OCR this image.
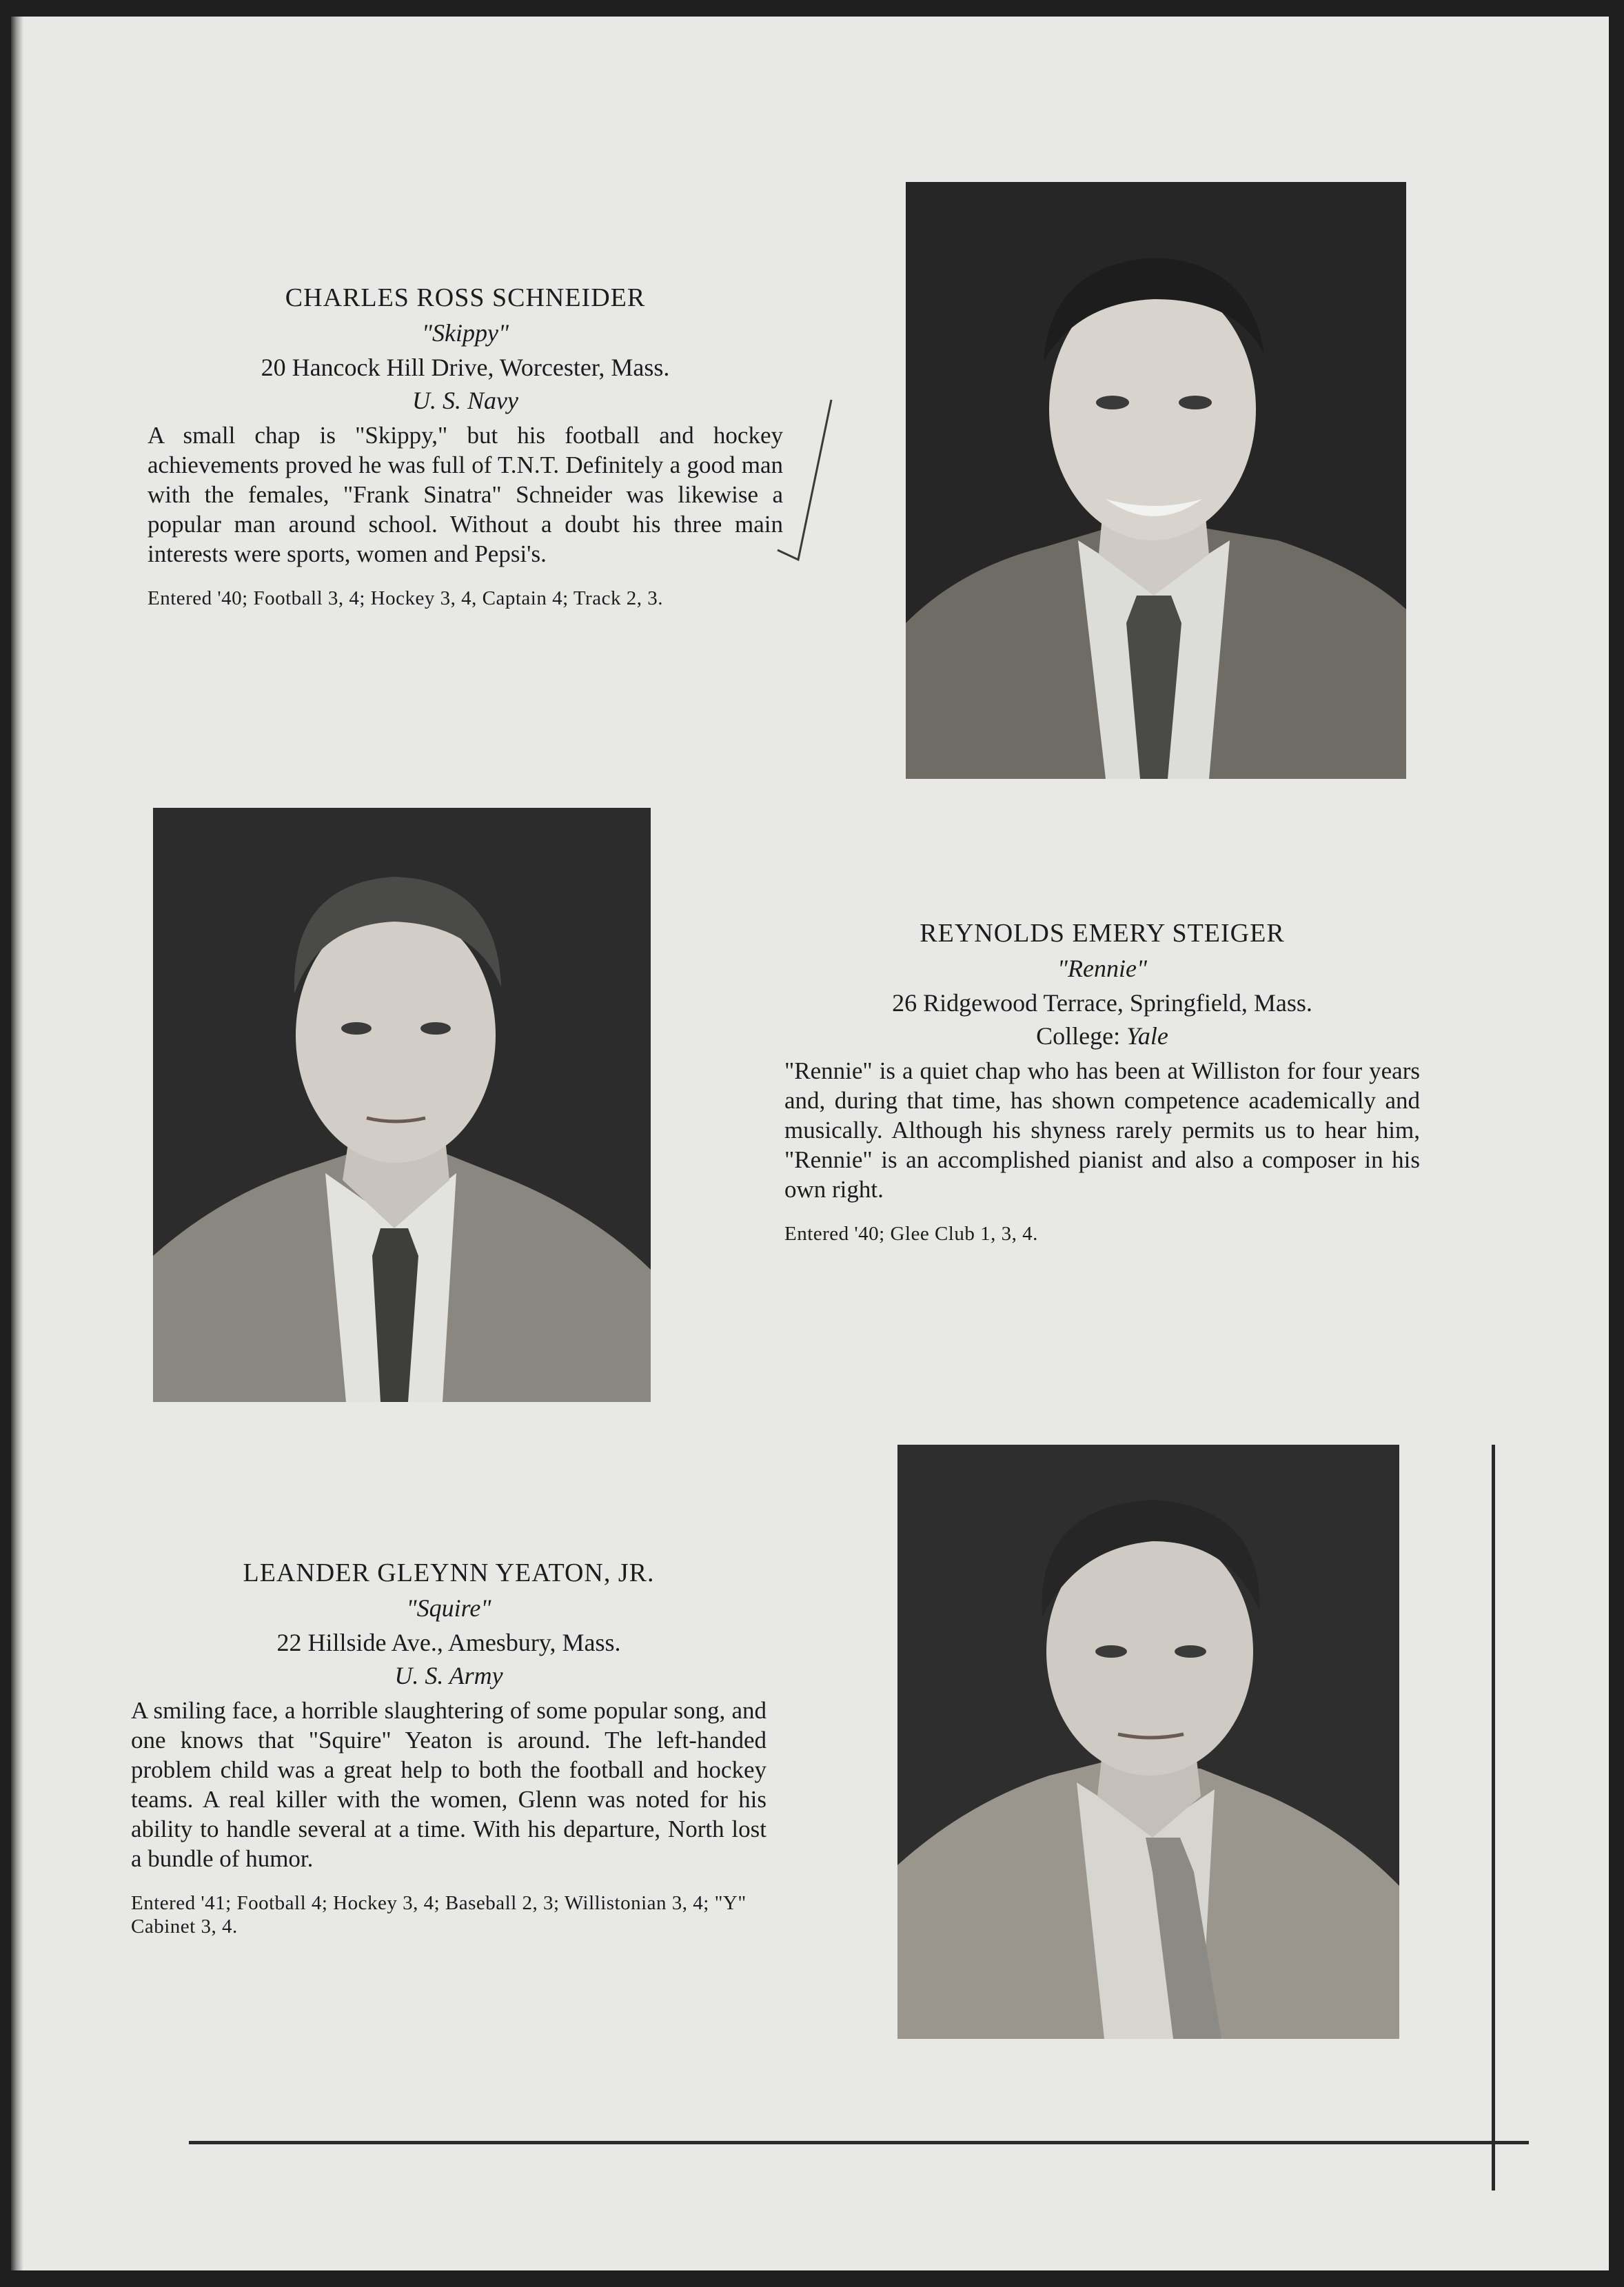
CHARLES ROSS SCHNEIDER

"Skippy"

20 Hancock Hill Drive, Worcester, Mass.

U. S. Navy

A small chap is "Skippy," but his football and hockey achievements proved he was full of T.N.T. Definitely a good man with the females, "Frank Sinatra" Schneider was likewise a popular man around school. Without a doubt his three main interests were sports, women and Pepsi's.

Entered '40; Football 3, 4; Hockey 3, 4, Captain 4; Track 2, 3.

REYNOLDS EMERY STEIGER

"Rennie"

26 Ridgewood Terrace, Springfield, Mass.

College: Yale

"Rennie" is a quiet chap who has been at Williston for four years and, during that time, has shown competence academically and musically. Although his shyness rarely permits us to hear him, "Rennie" is an accomplished pianist and also a composer in his own right.

Entered '40; Glee Club 1, 3, 4.

LEANDER GLEYNN YEATON, JR.

"Squire"

22 Hillside Ave., Amesbury, Mass.

U. S. Army

A smiling face, a horrible slaughtering of some popular song, and one knows that "Squire" Yeaton is around. The left-handed problem child was a great help to both the football and hockey teams. A real killer with the women, Glenn was noted for his ability to handle several at a time. With his departure, North lost a bundle of humor.

Entered '41; Football 4; Hockey 3, 4; Baseball 2, 3; Willistonian 3, 4; "Y" Cabinet 3, 4.
